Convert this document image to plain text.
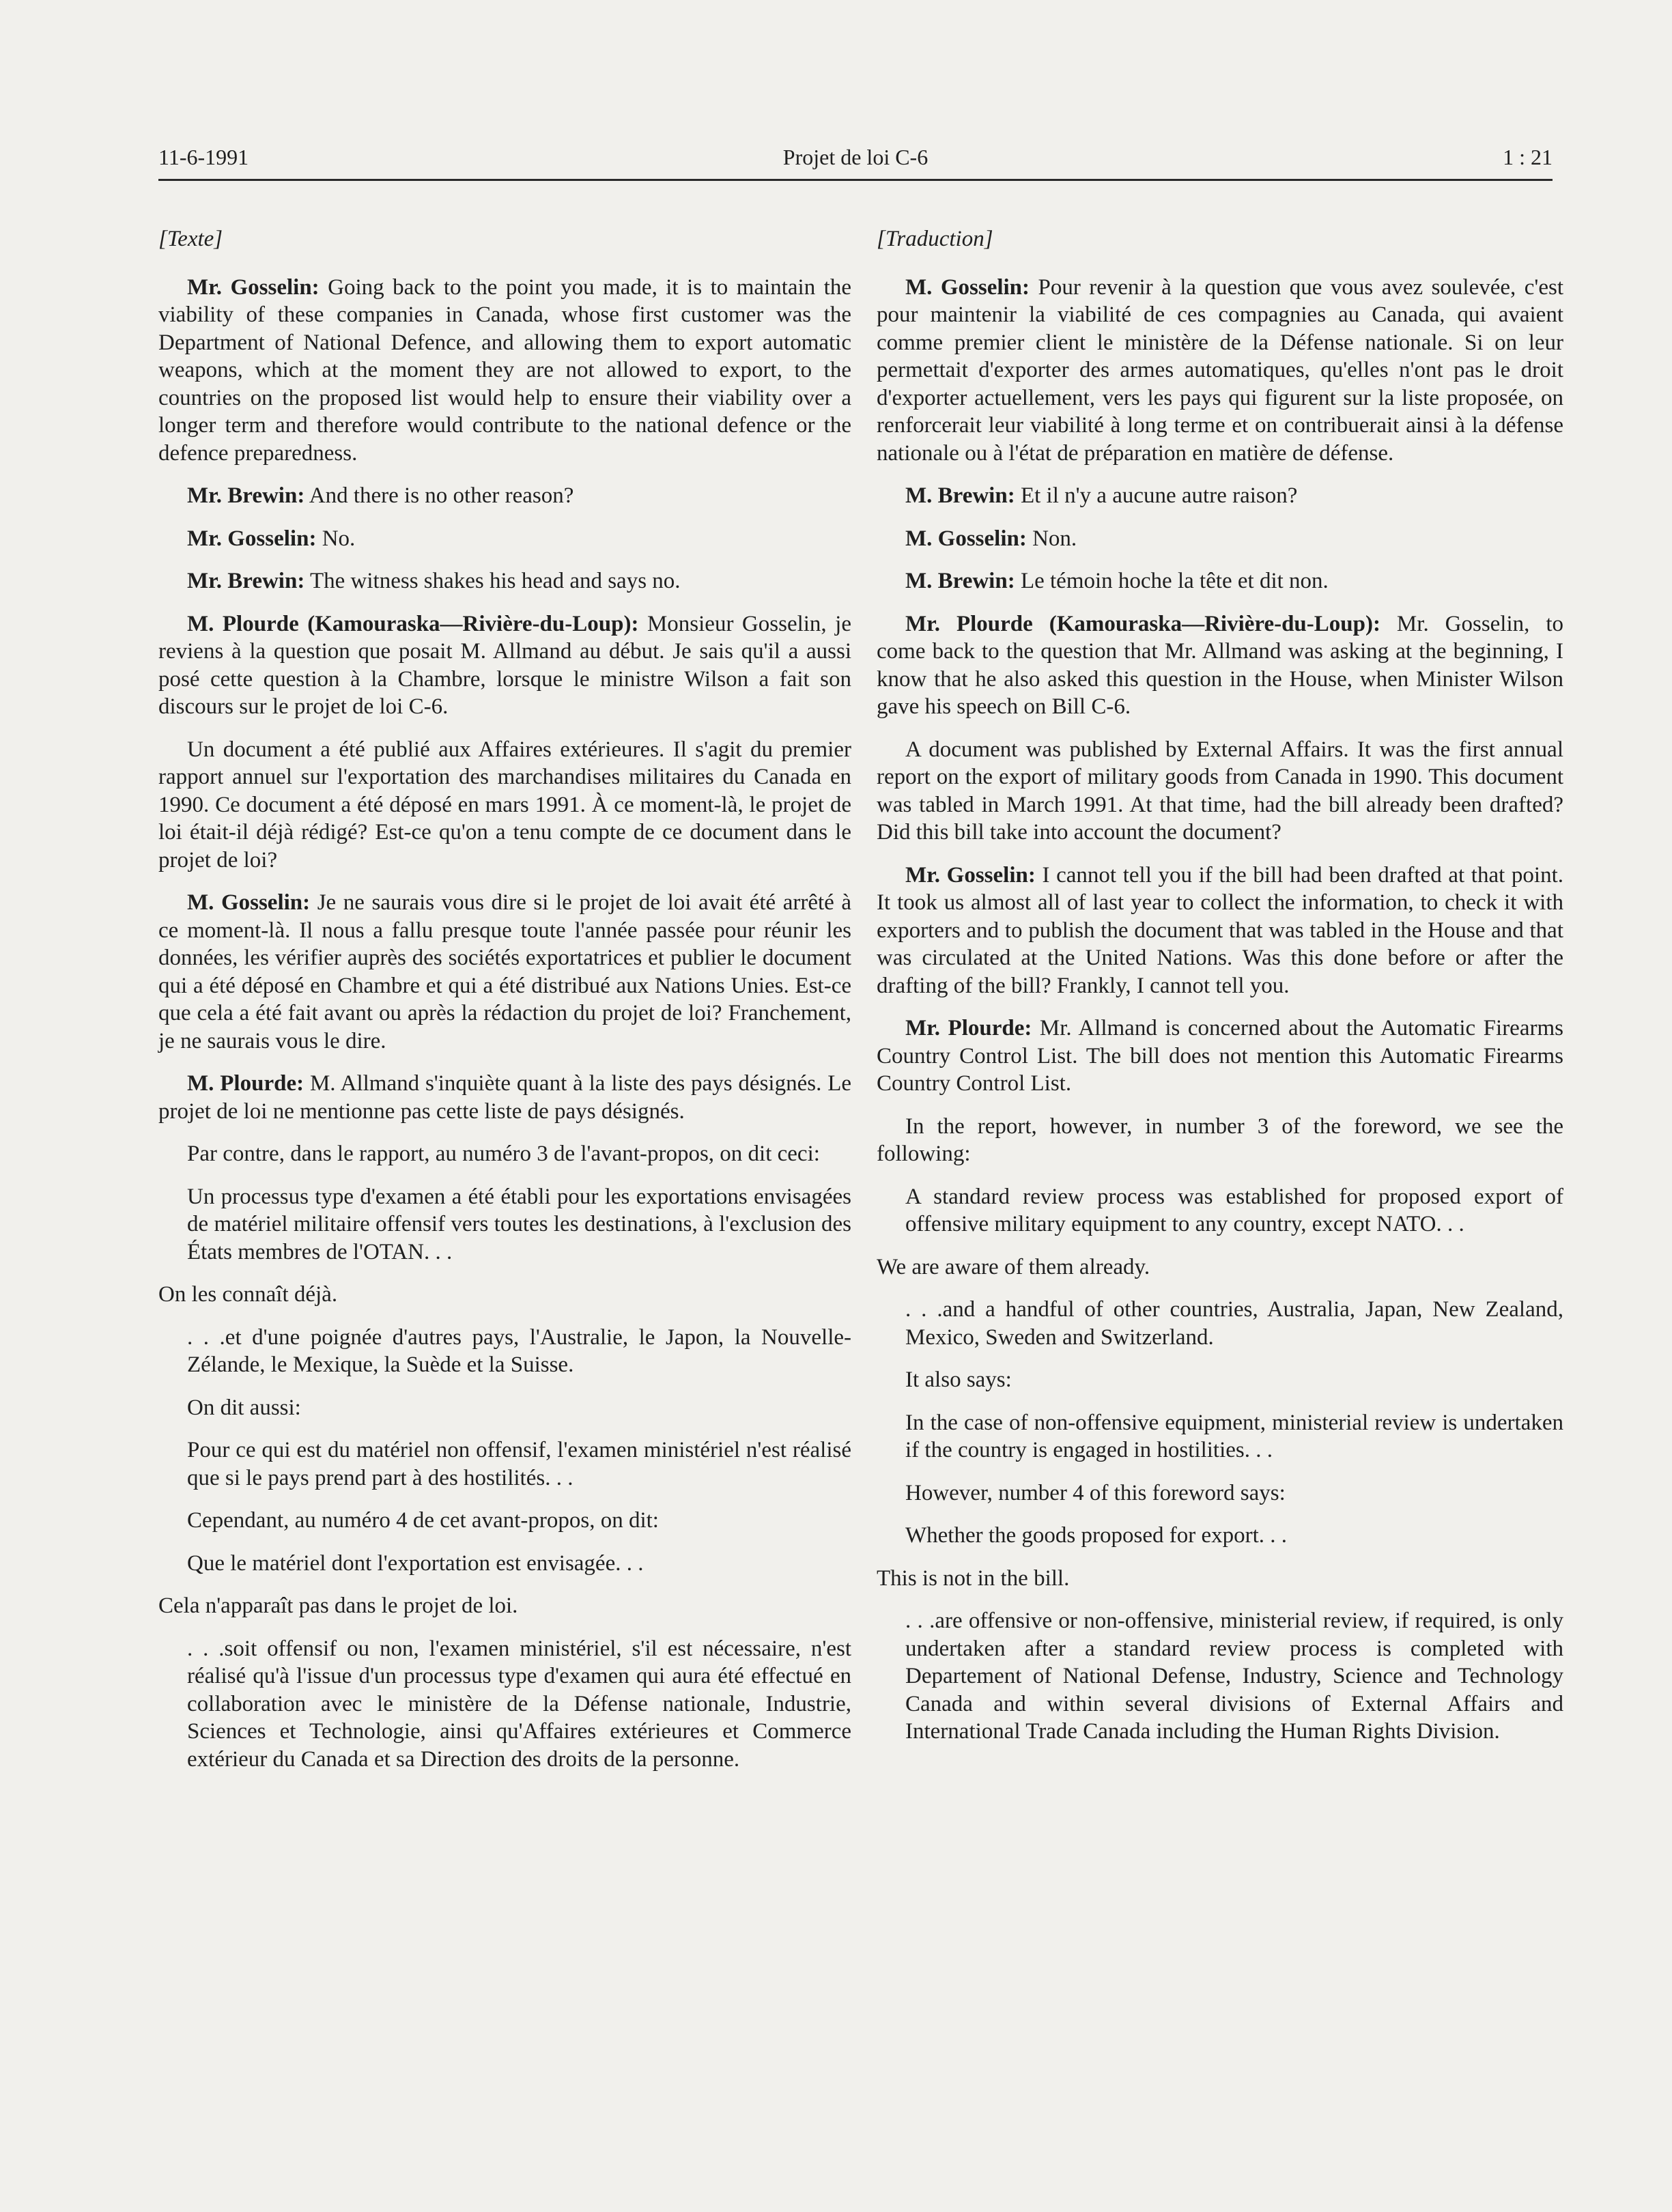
11-6-1991	Projet de loi C-6	1 : 21

[Texte]

Mr. Gosselin: Going back to the point you made, it is to maintain the viability of these companies in Canada, whose first customer was the Department of National Defence, and allowing them to export automatic weapons, which at the moment they are not allowed to export, to the countries on the proposed list would help to ensure their viability over a longer term and therefore would contribute to the national defence or the defence preparedness.

Mr. Brewin: And there is no other reason?

Mr. Gosselin: No.

Mr. Brewin: The witness shakes his head and says no.

M. Plourde (Kamouraska—Rivière-du-Loup): Monsieur Gosselin, je reviens à la question que posait M. Allmand au début. Je sais qu'il a aussi posé cette question à la Chambre, lorsque le ministre Wilson a fait son discours sur le projet de loi C-6.

Un document a été publié aux Affaires extérieures. Il s'agit du premier rapport annuel sur l'exportation des marchandises militaires du Canada en 1990. Ce document a été déposé en mars 1991. À ce moment-là, le projet de loi était-il déjà rédigé? Est-ce qu'on a tenu compte de ce document dans le projet de loi?

M. Gosselin: Je ne saurais vous dire si le projet de loi avait été arrêté à ce moment-là. Il nous a fallu presque toute l'année passée pour réunir les données, les vérifier auprès des sociétés exportatrices et publier le document qui a été déposé en Chambre et qui a été distribué aux Nations Unies. Est-ce que cela a été fait avant ou après la rédaction du projet de loi? Franchement, je ne saurais vous le dire.

M. Plourde: M. Allmand s'inquiète quant à la liste des pays désignés. Le projet de loi ne mentionne pas cette liste de pays désignés.

Par contre, dans le rapport, au numéro 3 de l'avant-propos, on dit ceci:

Un processus type d'examen a été établi pour les exportations envisagées de matériel militaire offensif vers toutes les destinations, à l'exclusion des États membres de l'OTAN. . .

On les connaît déjà.

. . .et d'une poignée d'autres pays, l'Australie, le Japon, la Nouvelle-Zélande, le Mexique, la Suède et la Suisse.

On dit aussi:

Pour ce qui est du matériel non offensif, l'examen ministériel n'est réalisé que si le pays prend part à des hostilités. . .

Cependant, au numéro 4 de cet avant-propos, on dit:

Que le matériel dont l'exportation est envisagée. . .

Cela n'apparaît pas dans le projet de loi.

. . .soit offensif ou non, l'examen ministériel, s'il est nécessaire, n'est réalisé qu'à l'issue d'un processus type d'examen qui aura été effectué en collaboration avec le ministère de la Défense nationale, Industrie, Sciences et Technologie, ainsi qu'Affaires extérieures et Commerce extérieur du Canada et sa Direction des droits de la personne.

[Traduction]

M. Gosselin: Pour revenir à la question que vous avez soulevée, c'est pour maintenir la viabilité de ces compagnies au Canada, qui avaient comme premier client le ministère de la Défense nationale. Si on leur permettait d'exporter des armes automatiques, qu'elles n'ont pas le droit d'exporter actuellement, vers les pays qui figurent sur la liste proposée, on renforcerait leur viabilité à long terme et on contribuerait ainsi à la défense nationale ou à l'état de préparation en matière de défense.

M. Brewin: Et il n'y a aucune autre raison?

M. Gosselin: Non.

M. Brewin: Le témoin hoche la tête et dit non.

Mr. Plourde (Kamouraska—Rivière-du-Loup): Mr. Gosselin, to come back to the question that Mr. Allmand was asking at the beginning, I know that he also asked this question in the House, when Minister Wilson gave his speech on Bill C-6.

A document was published by External Affairs. It was the first annual report on the export of military goods from Canada in 1990. This document was tabled in March 1991. At that time, had the bill already been drafted? Did this bill take into account the document?

Mr. Gosselin: I cannot tell you if the bill had been drafted at that point. It took us almost all of last year to collect the information, to check it with exporters and to publish the document that was tabled in the House and that was circulated at the United Nations. Was this done before or after the drafting of the bill? Frankly, I cannot tell you.

Mr. Plourde: Mr. Allmand is concerned about the Automatic Firearms Country Control List. The bill does not mention this Automatic Firearms Country Control List.

In the report, however, in number 3 of the foreword, we see the following:

A standard review process was established for proposed export of offensive military equipment to any country, except NATO. . .

We are aware of them already.

. . .and a handful of other countries, Australia, Japan, New Zealand, Mexico, Sweden and Switzerland.

It also says:

In the case of non-offensive equipment, ministerial review is undertaken if the country is engaged in hostilities. . .

However, number 4 of this foreword says:

Whether the goods proposed for export. . .

This is not in the bill.

. . .are offensive or non-offensive, ministerial review, if required, is only undertaken after a standard review process is completed with Departement of National Defense, Industry, Science and Technology Canada and within several divisions of External Affairs and International Trade Canada including the Human Rights Division.
